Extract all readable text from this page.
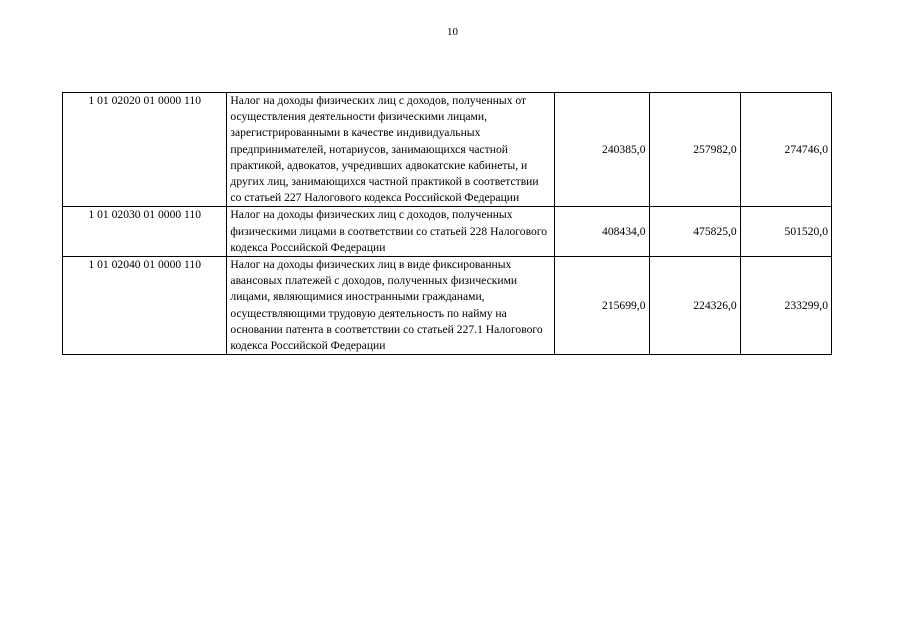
10
1 01 02020 01 0000 110	Налог на доходы физических лиц с доходов, полученных от осуществления деятельности физическими лицами, зарегистрированными в качестве индивидуальных предпринимателей, нотариусов, занимающихся частной практикой, адвокатов, учредивших адвокатские кабинеты, и других лиц, занимающихся частной практикой в соответствии со статьей 227 Налогового кодекса Российской Федерации	240385,0	257982,0	274746,0
1 01 02030 01 0000 110	Налог на доходы физических лиц с доходов, полученных физическими лицами в соответствии со статьей 228 Налогового кодекса Российской Федерации	408434,0	475825,0	501520,0
1 01 02040 01 0000 110	Налог на доходы физических лиц в виде фиксированных авансовых платежей с доходов, полученных физическими лицами, являющимися иностранными гражданами, осуществляющими трудовую деятельность по найму на основании патента в соответствии со статьей 227.1 Налогового кодекса Российской Федерации	215699,0	224326,0	233299,0
